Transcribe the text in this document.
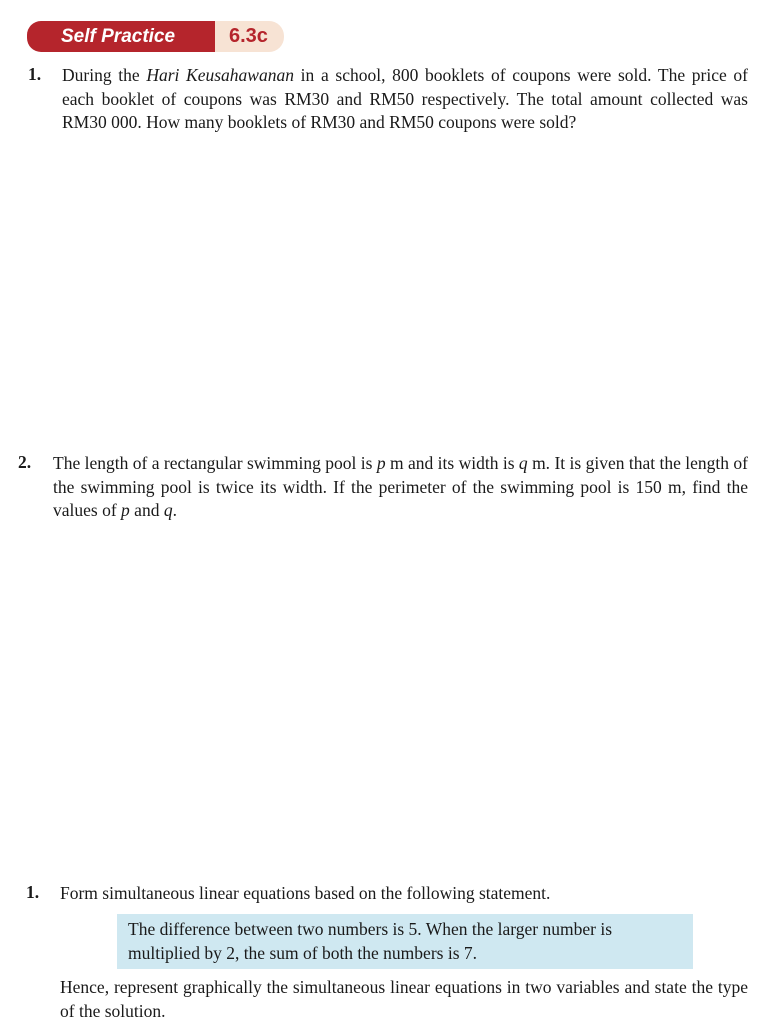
Self Practice	6.3c
1. During the Hari Keusahawanan in a school, 800 booklets of coupons were sold. The price of each booklet of coupons was RM30 and RM50 respectively. The total amount collected was RM30 000. How many booklets of RM30 and RM50 coupons were sold?
2. The length of a rectangular swimming pool is p m and its width is q m. It is given that the length of the swimming pool is twice its width. If the perimeter of the swimming pool is 150 m, find the values of p and q.
1. Form simultaneous linear equations based on the following statement.
The difference between two numbers is 5. When the larger number is multiplied by 2, the sum of both the numbers is 7.
Hence, represent graphically the simultaneous linear equations in two variables and state the type of the solution.
